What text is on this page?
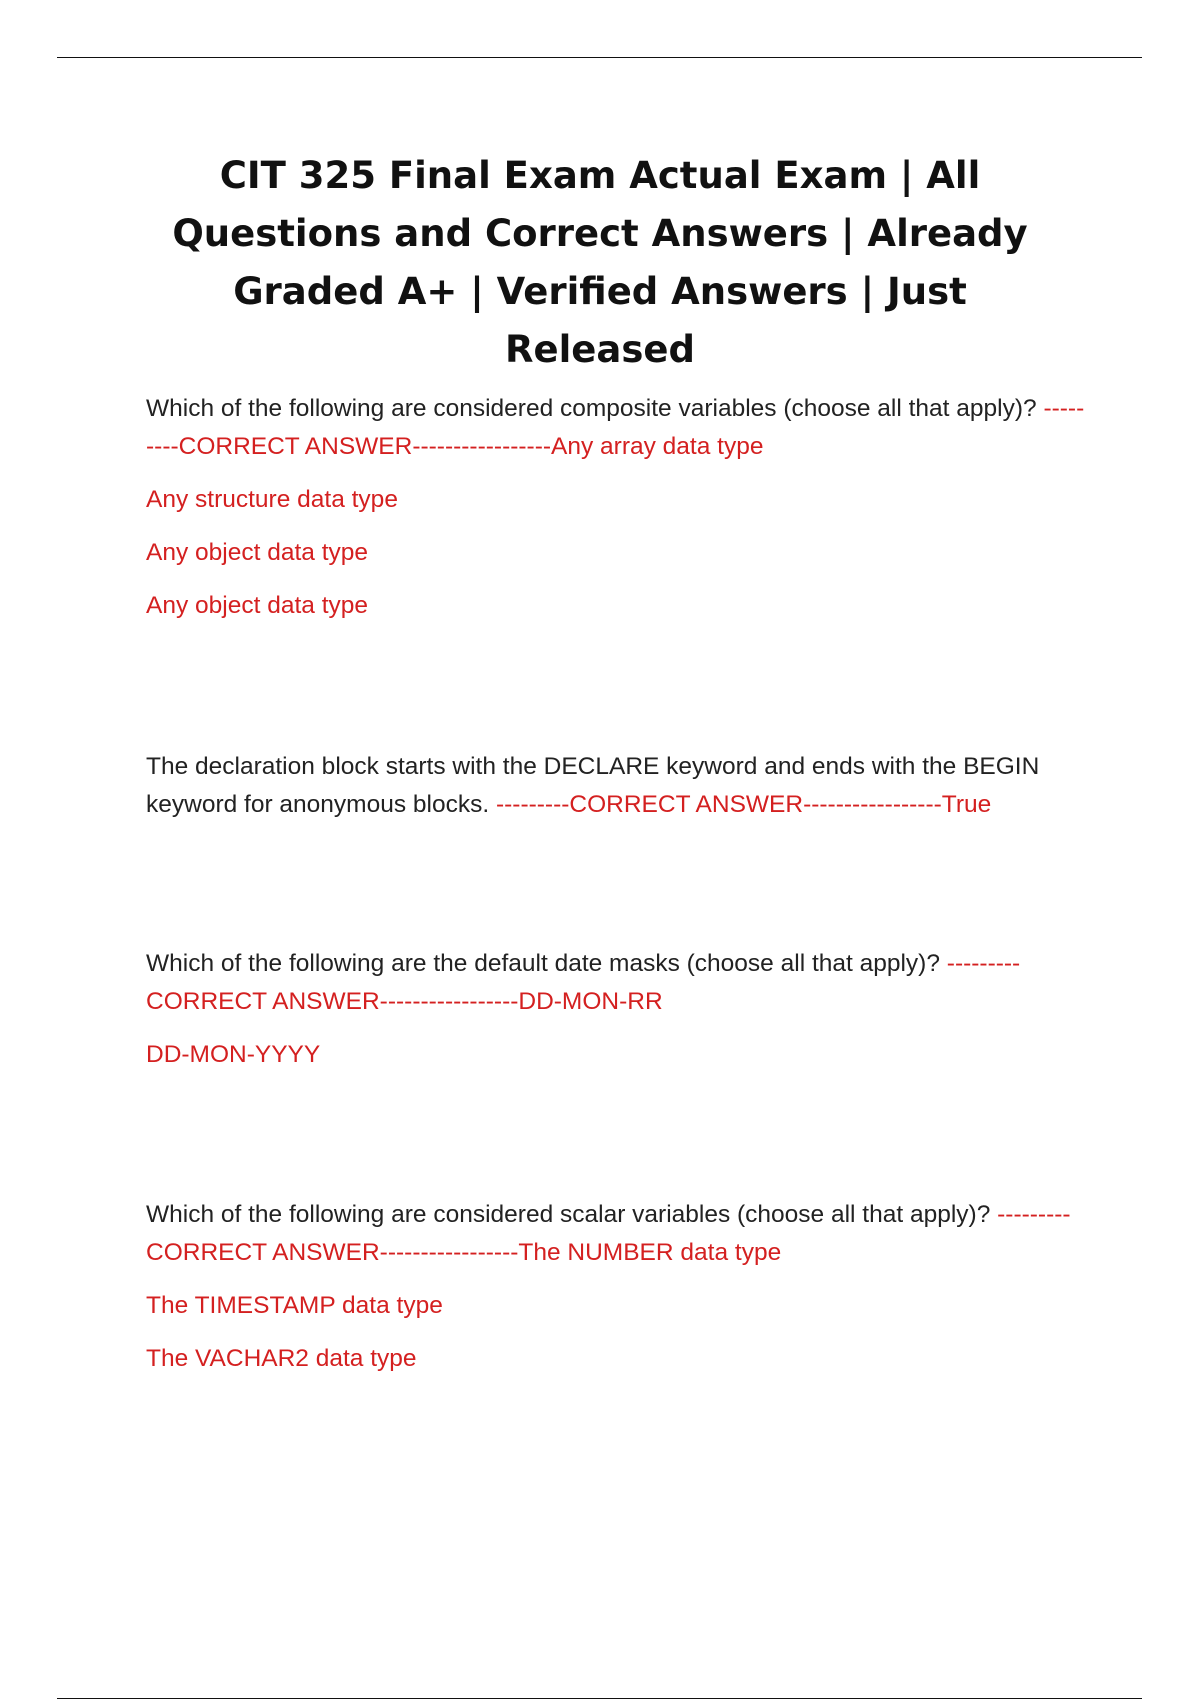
CIT 325 Final Exam Actual Exam | All Questions and Correct Answers | Already Graded A+ | Verified Answers | Just Released

Which of the following are considered composite variables (choose all that apply)? ---------CORRECT ANSWER-----------------Any array data type

Any structure data type
Any object data type
Any object data type

The declaration block starts with the DECLARE keyword and ends with the BEGIN keyword for anonymous blocks. ---------CORRECT ANSWER-----------------True

Which of the following are the default date masks (choose all that apply)? ---------CORRECT ANSWER-----------------DD-MON-RR

DD-MON-YYYY

Which of the following are considered scalar variables (choose all that apply)? ---------CORRECT ANSWER-----------------The NUMBER data type

The TIMESTAMP data type
The VACHAR2 data type
